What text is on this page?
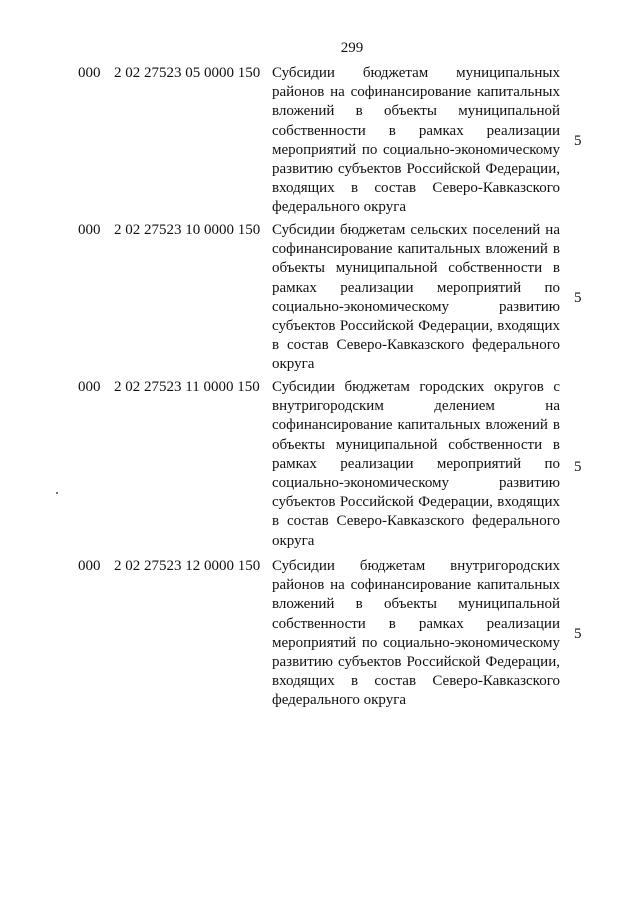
299
000 2 02 27523 05 0000 150 Субсидии бюджетам муниципальных районов на софинансирование капитальных вложений в объекты муниципальной собственности в рамках реализации мероприятий по социально-экономическому развитию субъектов Российской Федерации, входящих в состав Северо-Кавказского федерального округа
5
000 2 02 27523 10 0000 150 Субсидии бюджетам сельских поселений на софинансирование капитальных вложений в объекты муниципальной собственности в рамках реализации мероприятий по социально-экономическому развитию субъектов Российской Федерации, входящих в состав Северо-Кавказского федерального округа
5
000 2 02 27523 11 0000 150 Субсидии бюджетам городских округов с внутригородским делением на софинансирование капитальных вложений в объекты муниципальной собственности в рамках реализации мероприятий по социально-экономическому развитию субъектов Российской Федерации, входящих в состав Северо-Кавказского федерального округа
5
000 2 02 27523 12 0000 150 Субсидии бюджетам внутригородских районов на софинансирование капитальных вложений в объекты муниципальной собственности в рамках реализации мероприятий по социально-экономическому развитию субъектов Российской Федерации, входящих в состав Северо-Кавказского федерального округа
5
